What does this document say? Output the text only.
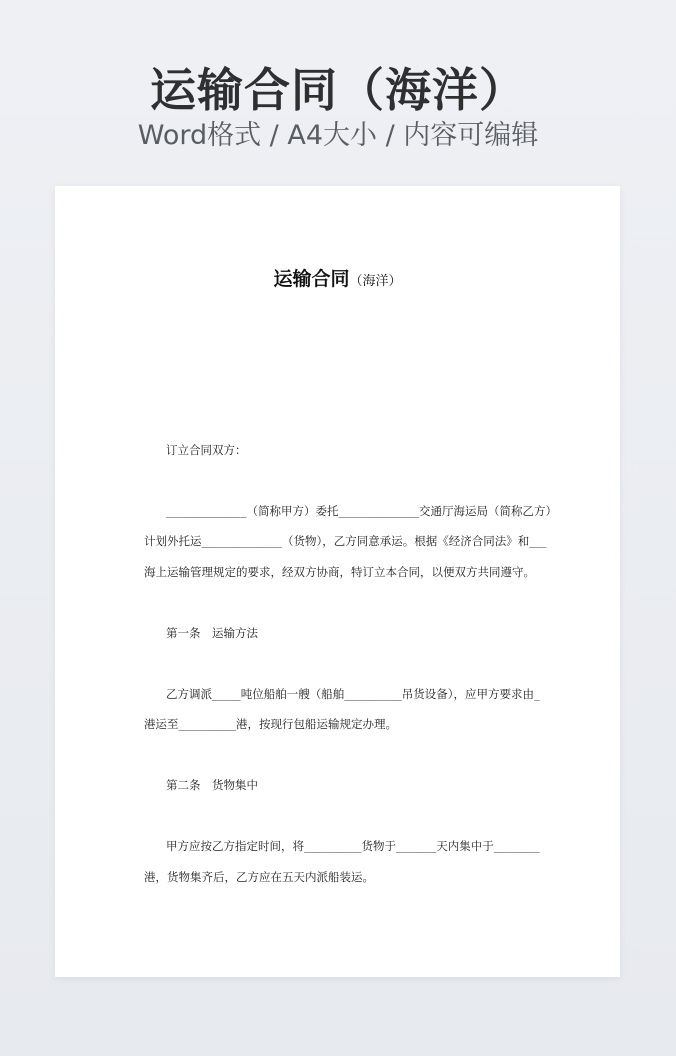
运输合同（海洋）
Word格式 / A4大小 / 内容可编辑
运输合同（海洋）
订立合同双方：
______________（简称甲方）委托______________交通厅海运局（简称乙方）
计划外托运______________（货物），乙方同意承运。根据《经济合同法》和___
海上运输管理规定的要求，经双方协商，特订立本合同，以便双方共同遵守。
第一条　运输方法
乙方调派_____吨位船舶一艘（船舶__________吊货设备），应甲方要求由_
港运至__________港，按现行包船运输规定办理。
第二条　货物集中
甲方应按乙方指定时间，将__________货物于_______天内集中于________
港，货物集齐后，乙方应在五天内派船装运。
